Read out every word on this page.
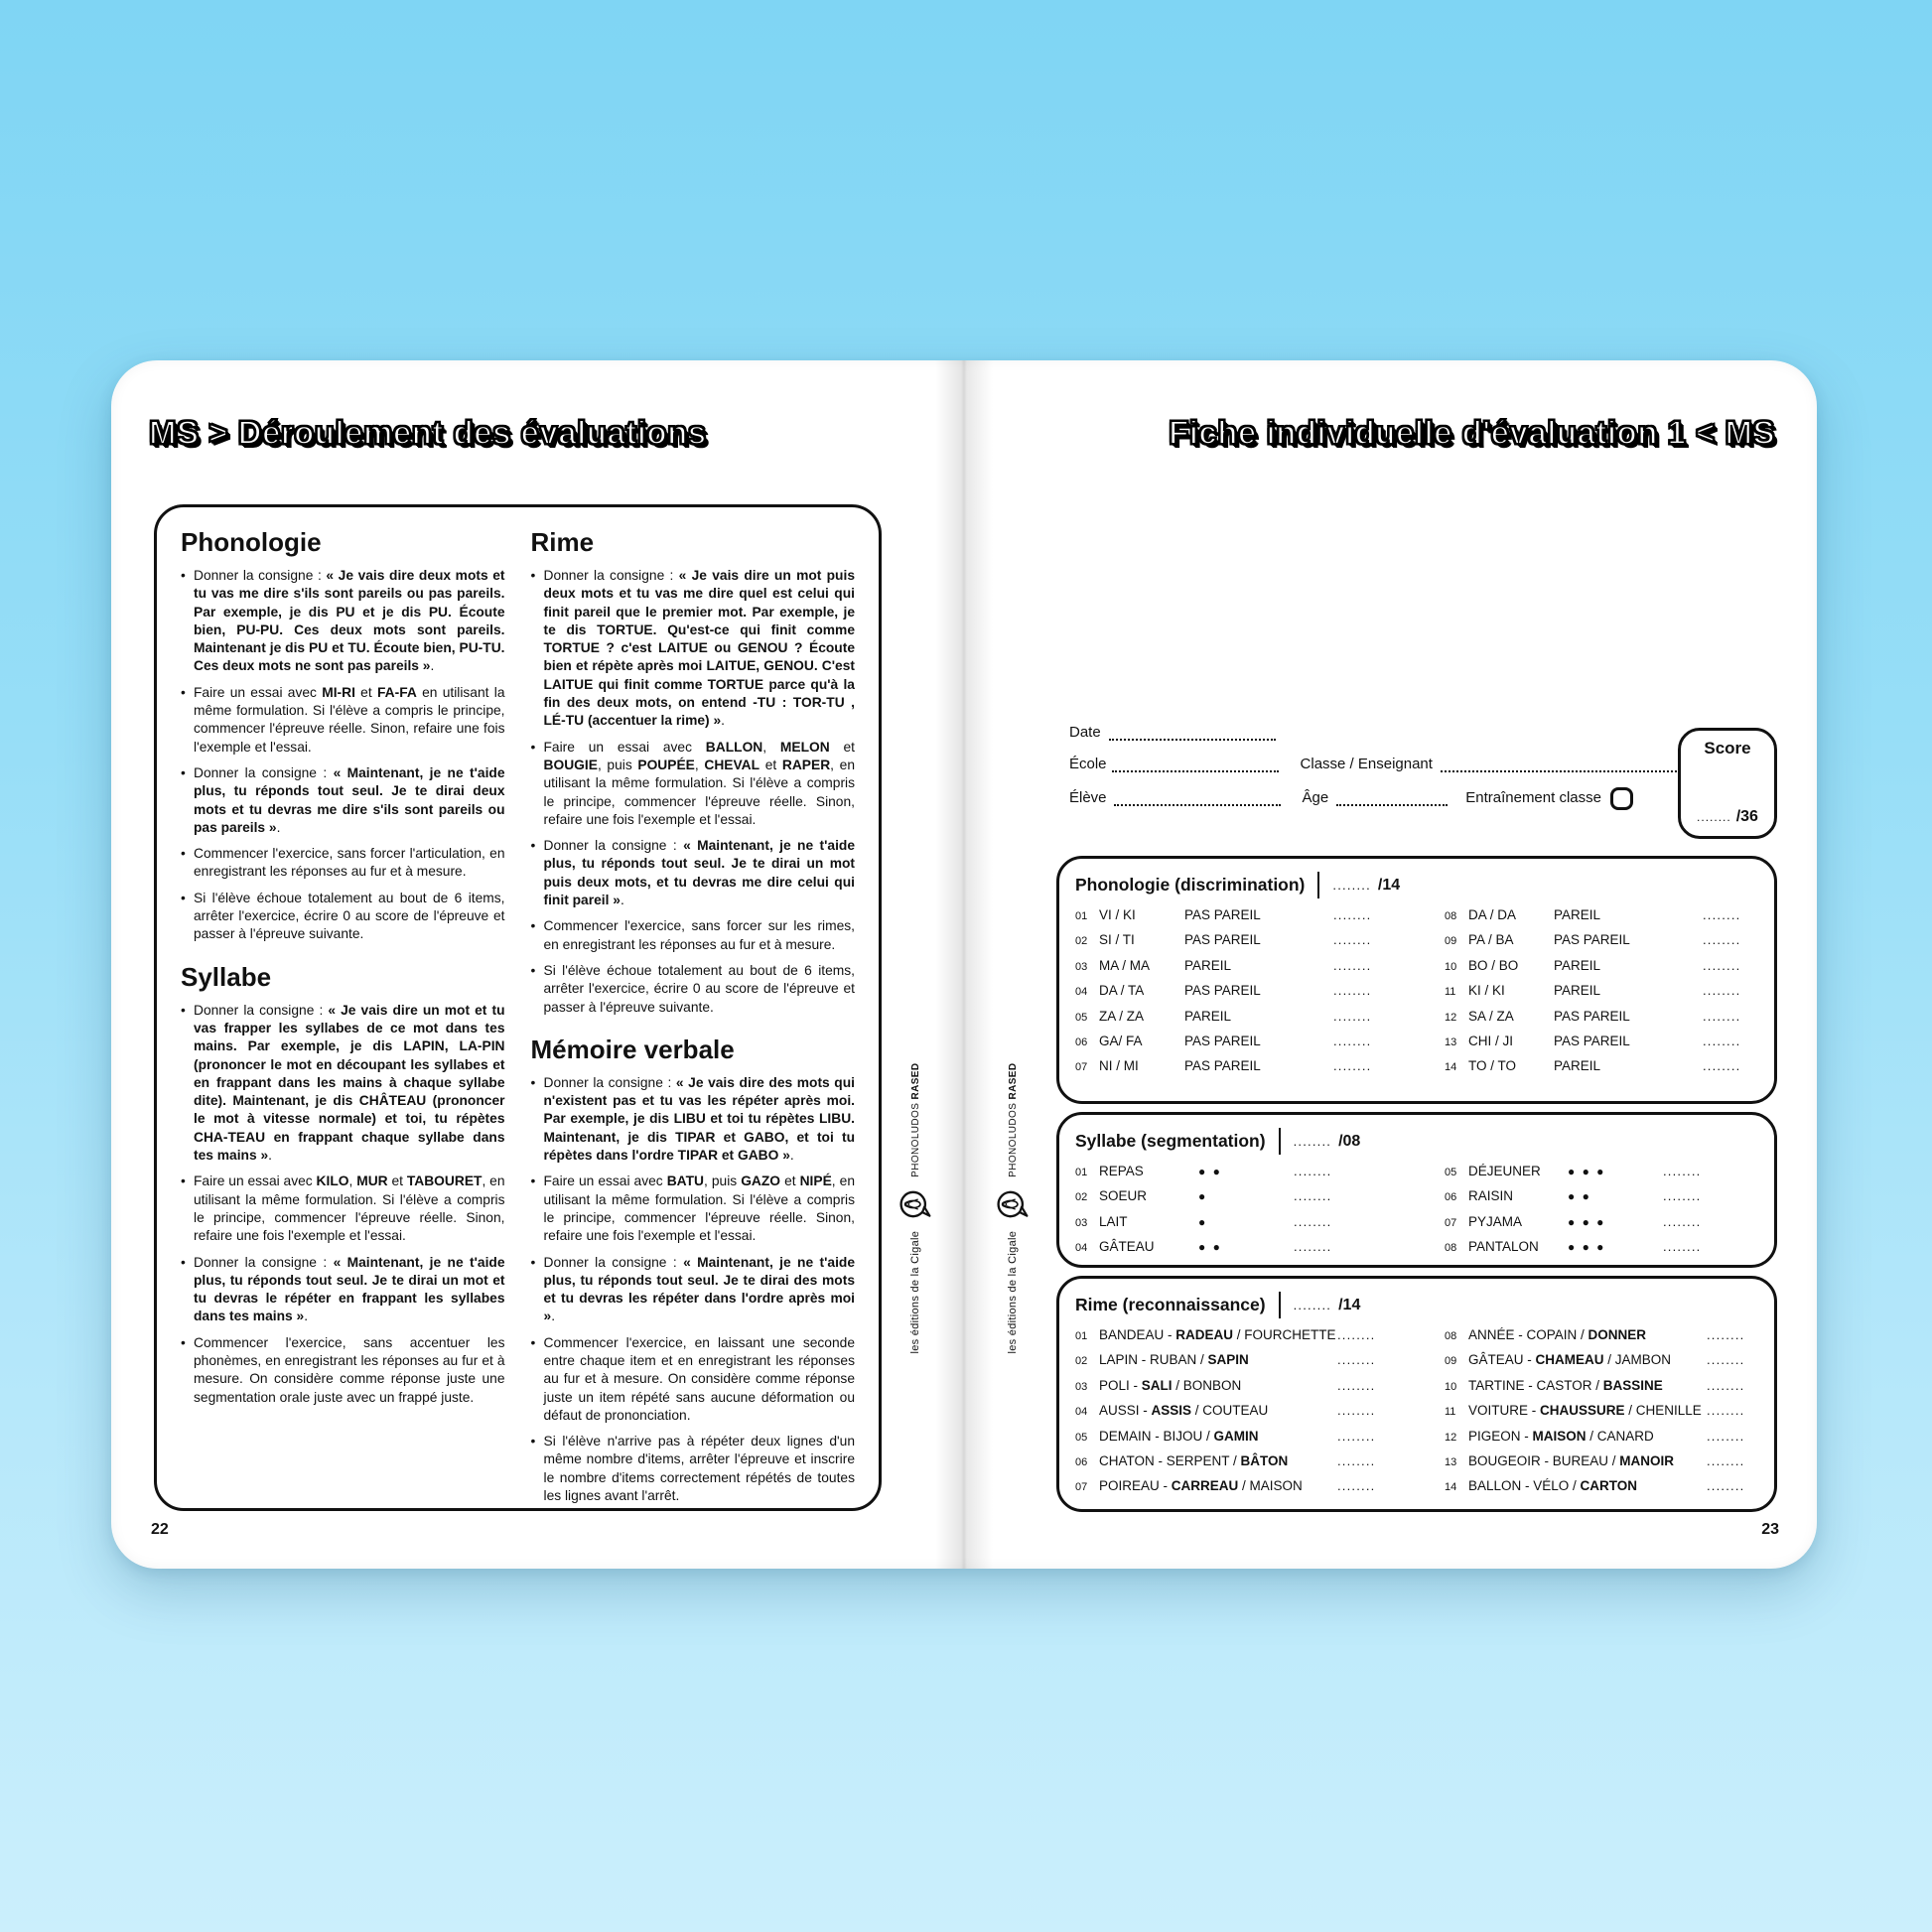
MS > Déroulement des évaluations
Phonologie
• Donner la consigne : « Je vais dire deux mots et tu vas me dire s'ils sont pareils ou pas pareils. Par exemple, je dis PU et je dis PU. Écoute bien, PU-PU. Ces deux mots sont pareils. Maintenant je dis PU et TU. Écoute bien, PU-TU. Ces deux mots ne sont pas pareils ».
• Faire un essai avec MI-RI et FA-FA en utilisant la même formulation. Si l'élève a compris le principe, commencer l'épreuve réelle. Sinon, refaire une fois l'exemple et l'essai.
• Donner la consigne : « Maintenant, je ne t'aide plus, tu réponds tout seul. Je te dirai deux mots et tu devras me dire s'ils sont pareils ou pas pareils ».
• Commencer l'exercice, sans forcer l'articulation, en enregistrant les réponses au fur et à mesure.
• Si l'élève échoue totalement au bout de 6 items, arrêter l'exercice, écrire 0 au score de l'épreuve et passer à l'épreuve suivante.
Syllabe
• Donner la consigne : « Je vais dire un mot et tu vas frapper les syllabes de ce mot dans tes mains. Par exemple, je dis LAPIN, LA-PIN (prononcer le mot en découpant les syllabes et en frappant dans les mains à chaque syllabe dite). Maintenant, je dis CHÂTEAU (prononcer le mot à vitesse normale) et toi, tu répètes CHA-TEAU en frappant chaque syllabe dans tes mains ».
• Faire un essai avec KILO, MUR et TABOURET, en utilisant la même formulation. Si l'élève a compris le principe, commencer l'épreuve réelle. Sinon, refaire une fois l'exemple et l'essai.
• Donner la consigne : « Maintenant, je ne t'aide plus, tu réponds tout seul. Je te dirai un mot et tu devras le répéter en frappant les syllabes dans tes mains ».
• Commencer l'exercice, sans accentuer les phonèmes, en enregistrant les réponses au fur et à mesure. On considère comme réponse juste une segmentation orale juste avec un frappé juste.
Rime
• Donner la consigne : « Je vais dire un mot puis deux mots et tu vas me dire quel est celui qui finit pareil que le premier mot. Par exemple, je te dis TORTUE. Qu'est-ce qui finit comme TORTUE ? c'est LAITUE ou GENOU ? Écoute bien et répète après moi LAITUE, GENOU. C'est LAITUE qui finit comme TORTUE parce qu'à la fin des deux mots, on entend -TU : TOR-TU , LÉ-TU (accentuer la rime) ».
• Faire un essai avec BALLON, MELON et BOUGIE, puis POUPÉE, CHEVAL et RAPER, en utilisant la même formulation. Si l'élève a compris le principe, commencer l'épreuve réelle. Sinon, refaire une fois l'exemple et l'essai.
• Donner la consigne : « Maintenant, je ne t'aide plus, tu réponds tout seul. Je te dirai un mot puis deux mots, et tu devras me dire celui qui finit pareil ».
• Commencer l'exercice, sans forcer sur les rimes, en enregistrant les réponses au fur et à mesure.
• Si l'élève échoue totalement au bout de 6 items, arrêter l'exercice, écrire 0 au score de l'épreuve et passer à l'épreuve suivante.
Mémoire verbale
• Donner la consigne : « Je vais dire des mots qui n'existent pas et tu vas les répéter après moi. Par exemple, je dis LIBU et toi tu répètes LIBU. Maintenant, je dis TIPAR et GABO, et toi tu répètes dans l'ordre TIPAR et GABO ».
• Faire un essai avec BATU, puis GAZO et NIPÉ, en utilisant la même formulation. Si l'élève a compris le principe, commencer l'épreuve réelle. Sinon, refaire une fois l'exemple et l'essai.
• Donner la consigne : « Maintenant, je ne t'aide plus, tu réponds tout seul. Je te dirai des mots et tu devras les répéter dans l'ordre après moi ».
• Commencer l'exercice, en laissant une seconde entre chaque item et en enregistrant les réponses au fur et à mesure. On considère comme réponse juste un item répété sans aucune déformation ou défaut de prononciation.
• Si l'élève n'arrive pas à répéter deux lignes d'un même nombre d'items, arrêter l'épreuve et inscrire le nombre d'items correctement répétés de toutes les lignes avant l'arrêt.
les éditions de la Cigale
PHONOLUDOS RASED
22
Fiche individuelle d'évaluation 1 < MS
les éditions de la Cigale
PHONOLUDOS RASED
Date
École	Classe / Enseignant
Élève	Âge	Entraînement classe
Score
........ /36
Phonologie (discrimination) ........ /14
01 VI / KI	PAS PAREIL	........
02 SI / TI	PAS PAREIL	........
03 MA / MA	PAREIL	........
04 DA / TA	PAS PAREIL	........
05 ZA / ZA	PAREIL	........
06 GA/ FA	PAS PAREIL	........
07 NI / MI	PAS PAREIL	........
08 DA / DA	PAREIL	........
09 PA / BA	PAS PAREIL	........
10 BO / BO	PAREIL	........
11 KI / KI	PAREIL	........
12 SA / ZA	PAS PAREIL	........
13 CHI / JI	PAS PAREIL	........
14 TO / TO	PAREIL	........
Syllabe (segmentation) ........ /08
01 REPAS	● ●	........
02 SOEUR	●	........
03 LAIT	●	........
04 GÂTEAU	● ●	........
05 DÉJEUNER	● ● ●	........
06 RAISIN	● ●	........
07 PYJAMA	● ● ●	........
08 PANTALON	● ● ●	........
Rime (reconnaissance) ........ /14
01 BANDEAU - RADEAU / FOURCHETTE ........
02 LAPIN - RUBAN / SAPIN	........
03 POLI - SALI / BONBON	........
04 AUSSI - ASSIS / COUTEAU	........
05 DEMAIN - BIJOU / GAMIN	........
06 CHATON - SERPENT / BÂTON	........
07 POIREAU - CARREAU / MAISON	........
08 ANNÉE - COPAIN / DONNER	........
09 GÂTEAU - CHAMEAU / JAMBON	........
10 TARTINE - CASTOR / BASSINE	........
11 VOITURE - CHAUSSURE / CHENILLE ........
12 PIGEON - MAISON / CANARD	........
13 BOUGEOIR - BUREAU / MANOIR	........
14 BALLON - VÉLO / CARTON	........
23
